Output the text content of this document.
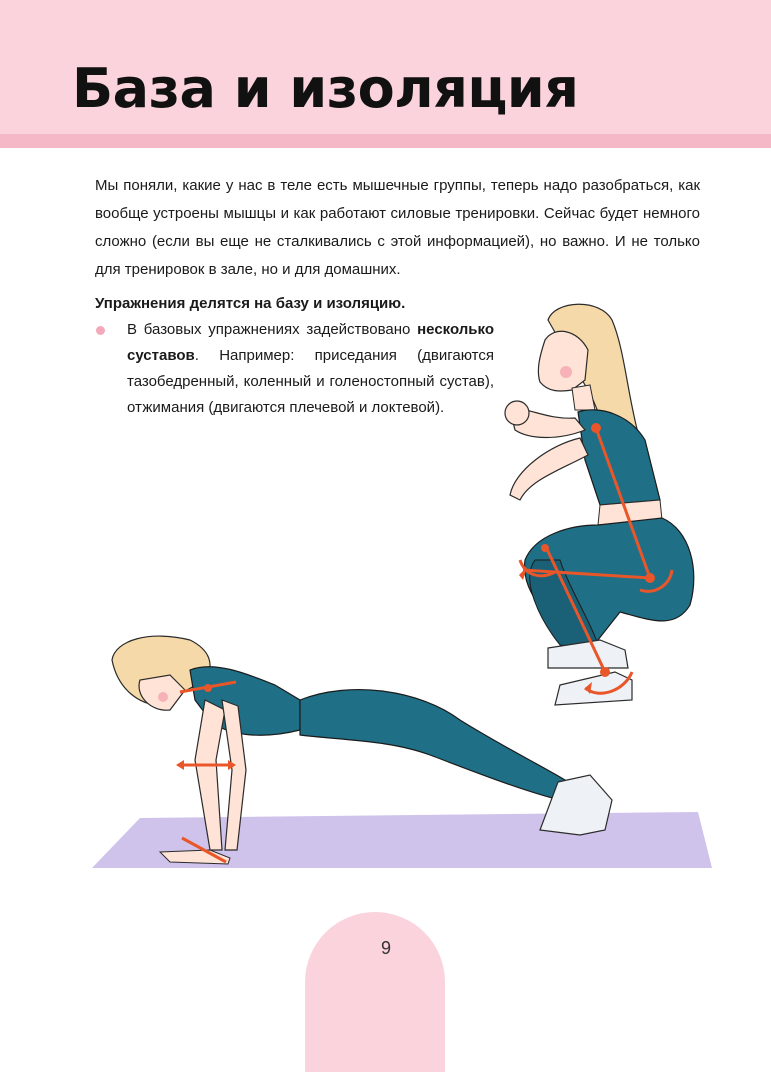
База и изоляция
Мы поняли, какие у нас в теле есть мышечные группы, теперь надо разобраться, как вообще устроены мышцы и как работают силовые тренировки. Сейчас будет немного сложно (если вы еще не сталкивались с этой информацией), но важно. И не только для тренировок в зале, но и для домашних.
Упражнения делятся на базу и изоляцию.
В базовых упражнениях задействовано несколько суставов. Например: приседания (двигаются тазобедренный, коленный и голеностопный сустав), отжимания (двигаются плечевой и локтевой).
9
